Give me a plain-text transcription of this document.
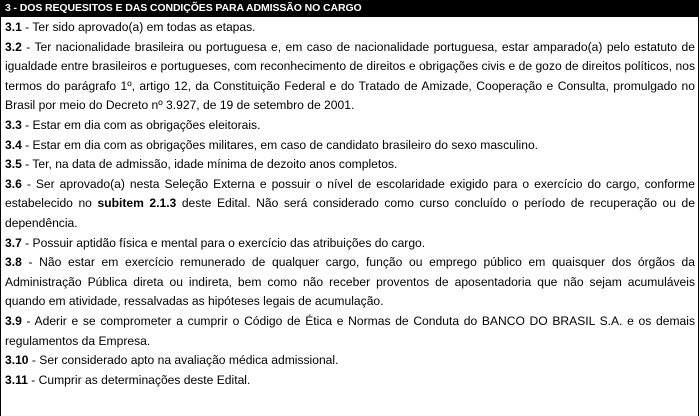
3 - DOS REQUESITOS E DAS CONDIÇÕES PARA ADMISSÃO NO CARGO

3.1 - Ter sido aprovado(a) em todas as etapas.

3.2 - Ter nacionalidade brasileira ou portuguesa e, em caso de nacionalidade portuguesa, estar amparado(a) pelo estatuto de igualdade entre brasileiros e portugueses, com reconhecimento de direitos e obrigações civis e de gozo de direitos políticos, nos termos do parágrafo 1º, artigo 12, da Constituição Federal e do Tratado de Amizade, Cooperação e Consulta, promulgado no Brasil por meio do Decreto nº 3.927, de 19 de setembro de 2001.

3.3 - Estar em dia com as obrigações eleitorais.

3.4 - Estar em dia com as obrigações militares, em caso de candidato brasileiro do sexo masculino.

3.5 - Ter, na data de admissão, idade mínima de dezoito anos completos.

3.6 - Ser aprovado(a) nesta Seleção Externa e possuir o nível de escolaridade exigido para o exercício do cargo, conforme estabelecido no subitem 2.1.3 deste Edital. Não será considerado como curso concluído o período de recuperação ou de dependência.

3.7 - Possuir aptidão física e mental para o exercício das atribuições do cargo.

3.8 - Não estar em exercício remunerado de qualquer cargo, função ou emprego público em quaisquer dos órgãos da Administração Pública direta ou indireta, bem como não receber proventos de aposentadoria que não sejam acumuláveis quando em atividade, ressalvadas as hipóteses legais de acumulação.

3.9 - Aderir e se comprometer a cumprir o Código de Ética e Normas de Conduta do BANCO DO BRASIL S.A. e os demais regulamentos da Empresa.

3.10 - Ser considerado apto na avaliação médica admissional.

3.11 - Cumprir as determinações deste Edital.
